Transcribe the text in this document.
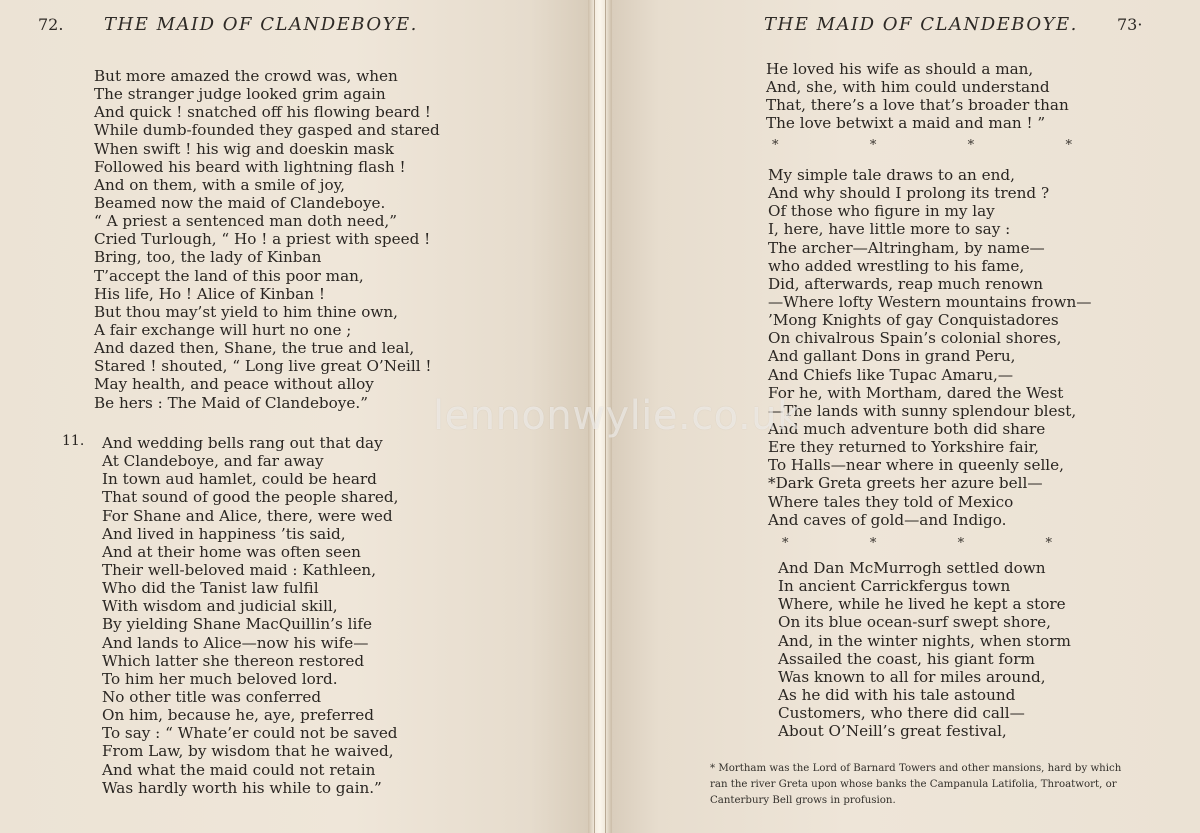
72. THE MAID OF CLANDEBOYE.
But more amazed the crowd was, when
The stranger judge looked grim again
And quick ! snatched off his flowing beard !
While dumb-founded they gasped and stared
When swift ! his wig and doeskin mask
Followed his beard with lightning flash !
And on them, with a smile of joy,
Beamed now the maid of Clandeboye.
“ A priest a sentenced man doth need,”
Cried Turlough, “ Ho ! a priest with speed !
Bring, too, the lady of Kinban
T’accept the land of this poor man,
His life, Ho ! Alice of Kinban !
But thou may’st yield to him thine own,
A fair exchange will hurt no one ;
And dazed then, Shane, the true and leal,
Stared ! shouted, “ Long live great O’Neill !
May health, and peace without alloy
Be hers : The Maid of Clandeboye.”
11. And wedding bells rang out that day
At Clandeboye, and far away
In town aud hamlet, could be heard
That sound of good the people shared,
For Shane and Alice, there, were wed
And lived in happiness ’tis said,
And at their home was often seen
Their well-beloved maid : Kathleen,
Who did the Tanist law fulfil
With wisdom and judicial skill,
By yielding Shane MacQuillin’s life
And lands to Alice—now his wife—
Which latter she thereon restored
To him her much beloved lord.
No other title was conferred
On him, because he, aye, preferred
To say : “ Whate’er could not be saved
From Law, by wisdom that he waived,
And what the maid could not retain
Was hardly worth his while to gain.”
THE MAID OF CLANDEBOYE. 73·
He loved his wife as should a man,
And, she, with him could understand
That, there’s a love that’s broader than
The love betwixt a maid and man ! ”
*	*	*	*
My simple tale draws to an end,
And why should I prolong its trend ?
Of those who figure in my lay
I, here, have little more to say :
The archer—Altringham, by name—
who added wrestling to his fame,
Did, afterwards, reap much renown
—Where lofty Western mountains frown—
’Mong Knights of gay Conquistadores
On chivalrous Spain’s colonial shores,
And gallant Dons in grand Peru,
And Chiefs like Tupac Amaru,—
For he, with Mortham, dared the West
—The lands with sunny splendour blest,
And much adventure both did share
Ere they returned to Yorkshire fair,
To Halls—near where in queenly selle,
*Dark Greta greets her azure bell—
Where tales they told of Mexico
And caves of gold—and Indigo.
*	*	*	*
And Dan McMurrogh settled down
In ancient Carrickfergus town
Where, while he lived he kept a store
On its blue ocean-surf swept shore,
And, in the winter nights, when storm
Assailed the coast, his giant form
Was known to all for miles around,
As he did with his tale astound
Customers, who there did call—
About O’Neill’s great festival,

* Mortham was the Lord of Barnard Towers and other mansions, hard by which

ran the river Greta upon whose banks the Campanula Latifolia, Throatwort, or

Canterbury Bell grows in profusion.

lennonwylie.co.uk
